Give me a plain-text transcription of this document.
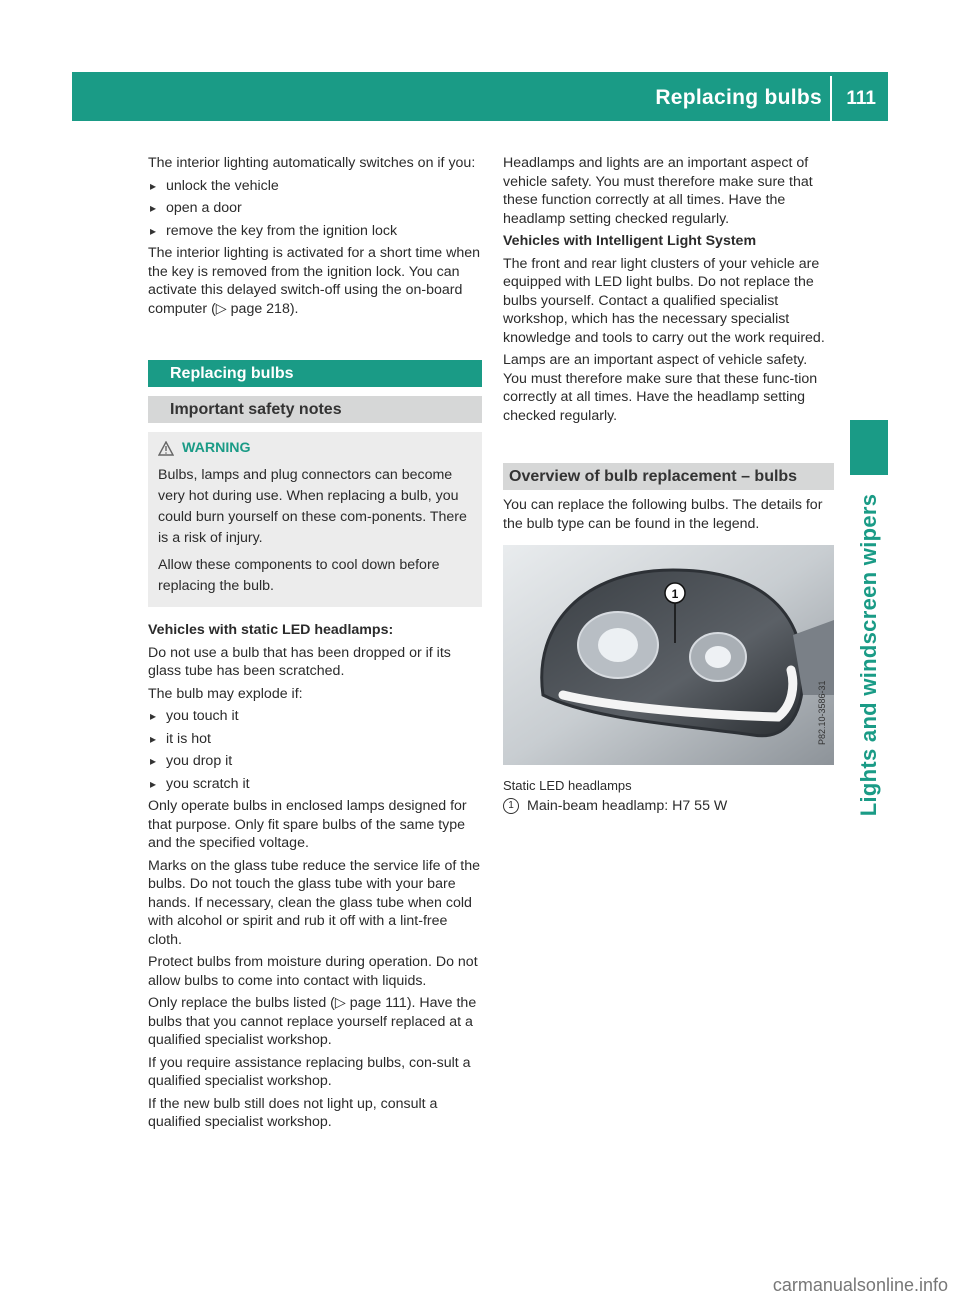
Replacing bulbs 111
Lights and windscreen wipers

The interior lighting automatically switches on if you:

▸ unlock the vehicle
▸ open a door
▸ remove the key from the ignition lock

The interior lighting is activated for a short time when the key is removed from the ignition lock. You can activate this delayed switch-off using the on-board computer (▷ page 218).

Replacing bulbs
Important safety notes
WARNING

Bulbs, lamps and plug connectors can become very hot during use. When replacing a bulb, you could burn yourself on these com-ponents. There is a risk of injury.

Allow these components to cool down before replacing the bulb.

Vehicles with static LED headlamps:

Do not use a bulb that has been dropped or if its glass tube has been scratched.

The bulb may explode if:

▸ you touch it
▸ it is hot
▸ you drop it
▸ you scratch it

Only operate bulbs in enclosed lamps designed for that purpose. Only fit spare bulbs of the same type and the specified voltage.

Marks on the glass tube reduce the service life of the bulbs. Do not touch the glass tube with your bare hands. If necessary, clean the glass tube when cold with alcohol or spirit and rub it off with a lint-free cloth.

Protect bulbs from moisture during operation. Do not allow bulbs to come into contact with liquids.

Only replace the bulbs listed (▷ page 111). Have the bulbs that you cannot replace yourself replaced at a qualified specialist workshop.

If you require assistance replacing bulbs, con-sult a qualified specialist workshop.

If the new bulb still does not light up, consult a qualified specialist workshop.

Headlamps and lights are an important aspect of vehicle safety. You must therefore make sure that these function correctly at all times. Have the headlamp setting checked regularly.

Vehicles with Intelligent Light System

The front and rear light clusters of your vehicle are equipped with LED light bulbs. Do not replace the bulbs yourself. Contact a qualified specialist workshop, which has the necessary specialist knowledge and tools to carry out the work required.

Lamps are an important aspect of vehicle safety. You must therefore make sure that these func-tion correctly at all times. Have the headlamp setting checked regularly.

Overview of bulb replacement – bulbs

You can replace the following bulbs. The details for the bulb type can be found in the legend.

1
P82.10-3586-31
Static LED headlamps
1 Main-beam headlamp: H7 55 W
carmanualsonline.info
